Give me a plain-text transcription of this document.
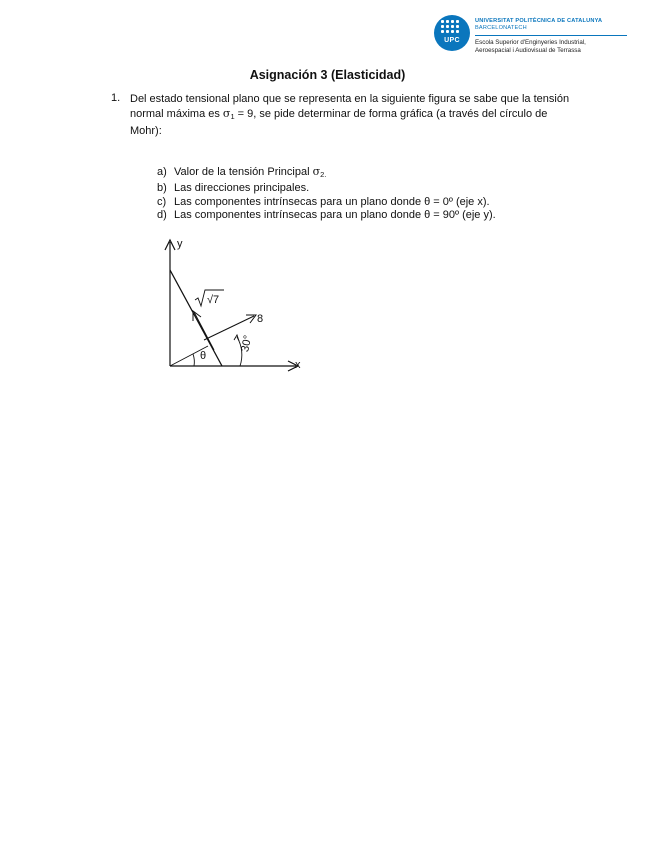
UPC
UNIVERSITAT POLITÈCNICA DE CATALUNYA
BARCELONATECH
Escola Superior d'Enginyeries Industrial,
Aeroespacial i Audiovisual de Terrassa
Asignación 3 (Elasticidad)
1. Del estado tensional plano que se representa en la siguiente figura se sabe que la tensión normal máxima es $\sigma_1 = 9$, se pide determinar de forma gráfica (a través del círculo de Mohr):
a) Valor de la tensión Principal $\sigma_{2.}$
b) Las direcciones principales.
c) Las componentes intrínsecas para un plano donde θ = 0º (eje x).
d) Las componentes intrínsecas para un plano donde θ = 90º (eje y).
y
x
√7
8
30°
θ
